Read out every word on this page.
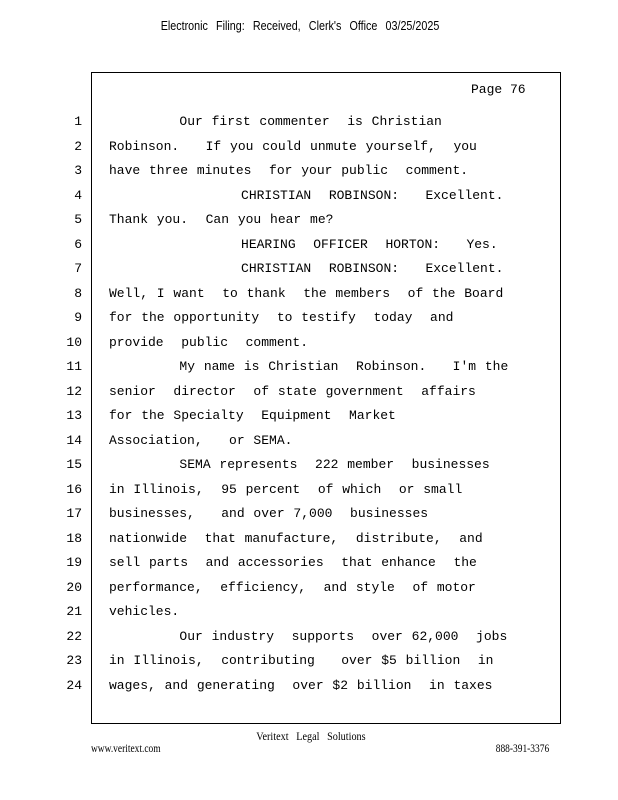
Electronic Filing: Received, Clerk's Office 03/25/2025
Page 76
1 Our first commenter  is Christian
2 Robinson.   If you could unmute yourself,  you
3 have three minutes  for your public  comment.
4 CHRISTIAN  ROBINSON:   Excellent.
5 Thank you.  Can you hear me?
6 HEARING  OFFICER  HORTON:   Yes.
7 CHRISTIAN  ROBINSON:   Excellent.
8 Well, I want  to thank  the members  of the Board
9 for the opportunity  to testify  today  and
10 provide  public  comment.
11 My name is Christian  Robinson.   I'm the
12 senior  director  of state government  affairs
13 for the Specialty  Equipment  Market
14 Association,   or SEMA.
15 SEMA represents  222 member  businesses
16 in Illinois,  95 percent  of which  or small
17 businesses,   and over 7,000  businesses
18 nationwide  that manufacture,  distribute,  and
19 sell parts  and accessories  that enhance  the
20 performance,  efficiency,  and style  of motor
21 vehicles.
22 Our industry  supports  over 62,000  jobs
23 in Illinois,  contributing   over $5 billion  in
24 wages, and generating  over $2 billion  in taxes
Veritext Legal Solutions
www.veritext.com	888-391-3376
